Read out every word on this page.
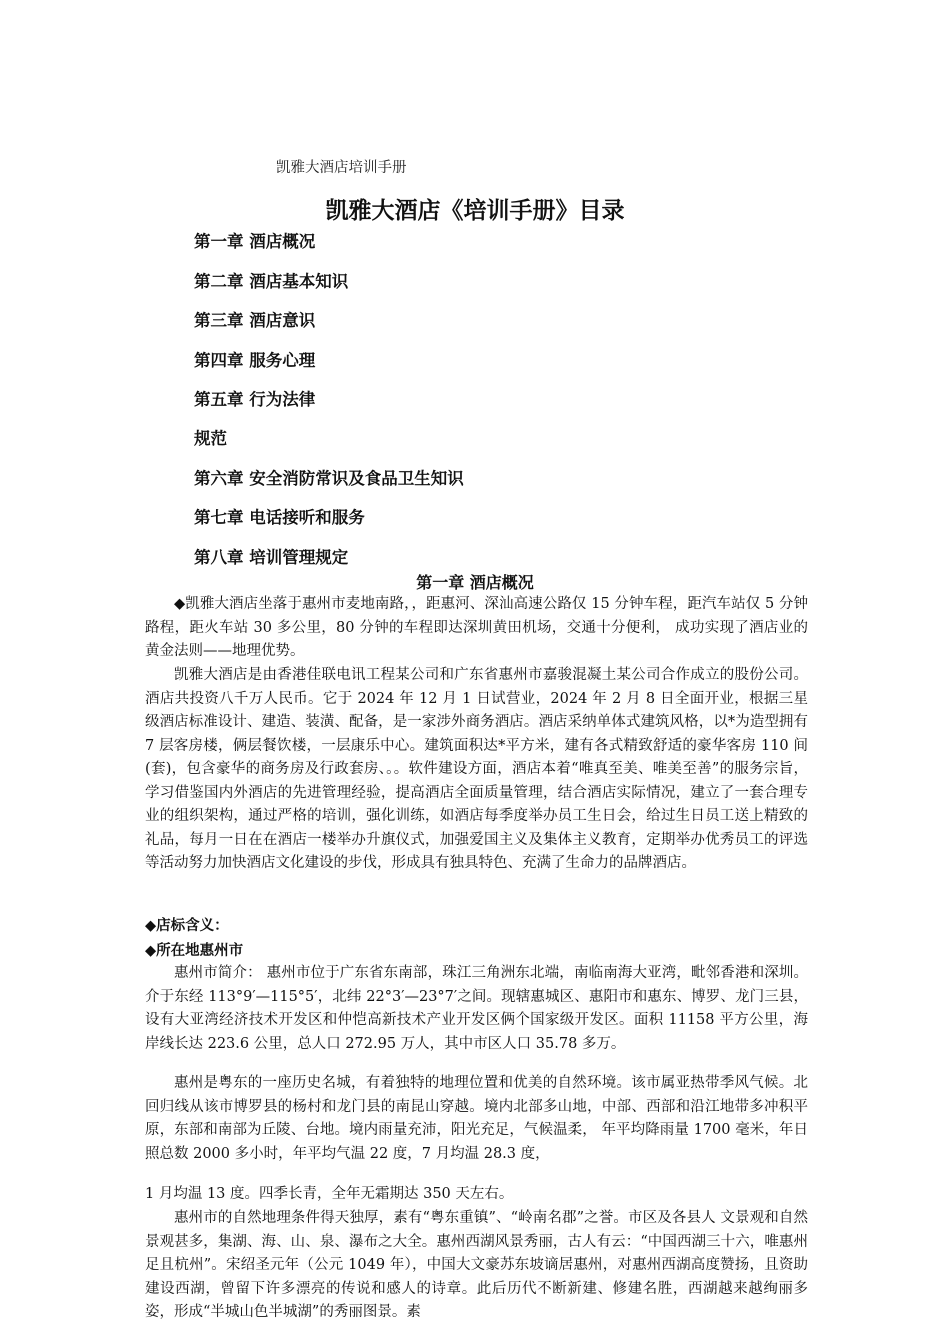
凯雅大酒店培训手册
凯雅大酒店《培训手册》目录
第一章 酒店概况
第二章 酒店基本知识
第三章 酒店意识
第四章 服务心理
第五章 行为法律
规范
第六章 安全消防常识及食品卫生知识
第七章 电话接听和服务
第八章 培训管理规定
第一章 酒店概况

◆凯雅大酒店坐落于惠州市麦地南路，，距惠河、深汕高速公路仅 15 分钟车程，距汽车站仅 5 分钟路程，距火车站 30 多公里，80 分钟的车程即达深圳黄田机场，交通十分便利， 成功实现了酒店业的黄金法则——地理优势。

凯雅大酒店是由香港佳联电讯工程某公司和广东省惠州市嘉骏混凝土某公司合作成立的股份公司。酒店共投资八千万人民币。它于 2024 年 12 月 1 日试营业，2024 年 2 月 8 日全面开业，根据三星级酒店标准设计、建造、装潢、配备，是一家涉外商务酒店。酒店采纳单体式建筑风格，以*为造型拥有 7 层客房楼，俩层餐饮楼，一层康乐中心。建筑面积达*平方米，建有各式精致舒适的豪华客房 110 间(套)，包含豪华的商务房及行政套房、。。软件建设方面，酒店本着“唯真至美、唯美至善”的服务宗旨，学习借鉴国内外酒店的先进管理经验，提高酒店全面质量管理，结合酒店实际情况，建立了一套合理专业的组织架构，通过严格的培训，强化训练，如酒店每季度举办员工生日会，给过生日员工送上精致的礼品，每月一日在在酒店一楼举办升旗仪式，加强爱国主义及集体主义教育，定期举办优秀员工的评选等活动努力加快酒店文化建设的步伐，形成具有独具特色、充满了生命力的品牌酒店。

◆店标含义：
◆所在地惠州市

惠州市简介： 惠州市位于广东省东南部，珠江三角洲东北端，南临南海大亚湾，毗邻香港和深圳。介于东经 113°9′—115°5′，北纬 22°3′—23°7′之间。现辖惠城区、惠阳市和惠东、博罗、龙门三县，设有大亚湾经济技术开发区和仲恺高新技术产业开发区俩个国家级开发区。面积 11158 平方公里，海岸线长达 223.6 公里，总人口 272.95 万人，其中市区人口 35.78 多万。

惠州是粤东的一座历史名城，有着独特的地理位置和优美的自然环境。该市属亚热带季风气候。北回归线从该市博罗县的杨村和龙门县的南昆山穿越。境内北部多山地，中部、西部和沿江地带多冲积平原，东部和南部为丘陵、台地。境内雨量充沛，阳光充足，气候温柔， 年平均降雨量 1700 毫米，年日照总数 2000 多小时，年平均气温 22 度，7 月均温 28.3 度，

1 月均温 13 度。四季长青，全年无霜期达 350 天左右。

惠州市的自然地理条件得天独厚，素有“粤东重镇”、“岭南名郡”之誉。市区及各县人 文景观和自然景观甚多，集湖、海、山、泉、瀑布之大全。惠州西湖风景秀丽，古人有云：“中国西湖三十六，唯惠州足且杭州”。宋绍圣元年（公元 1049 年），中国大文豪苏东坡谪居惠州，对惠州西湖高度赞扬，且资助建设西湖，曾留下许多漂亮的传说和感人的诗章。此后历代不断新建、修建名胜，西湖越来越绚丽多姿，形成“半城山色半城湖”的秀丽图景。素
